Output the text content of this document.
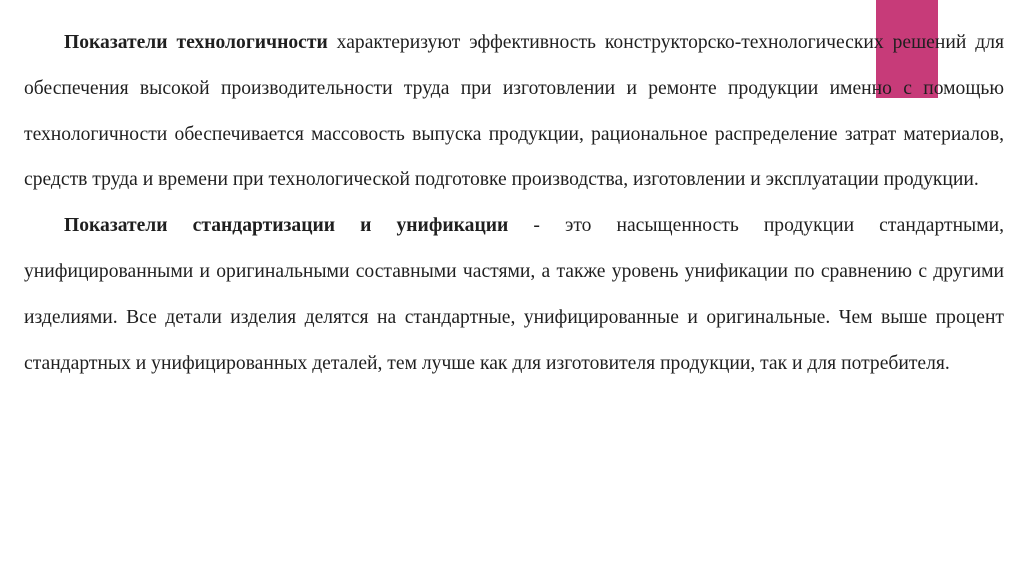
Показатели технологичности характеризуют эффективность конструкторско-технологических решений для обеспечения высокой производительности труда при изготовлении и ремонте продукции именно с помощью технологичности обеспечивается массовость выпуска продукции, рациональное распределение затрат материалов, средств труда и времени при технологической подготовке производства, изготовлении и эксплуатации продукции.

Показатели стандартизации и унификации - это насыщенность продукции стандартными, унифицированными и оригинальными составными частями, а также уровень унификации по сравнению с другими изделиями. Все детали изделия делятся на стандартные, унифицированные и оригинальные. Чем выше процент стандартных и унифицированных деталей, тем лучше как для изготовителя продукции, так и для потребителя.
